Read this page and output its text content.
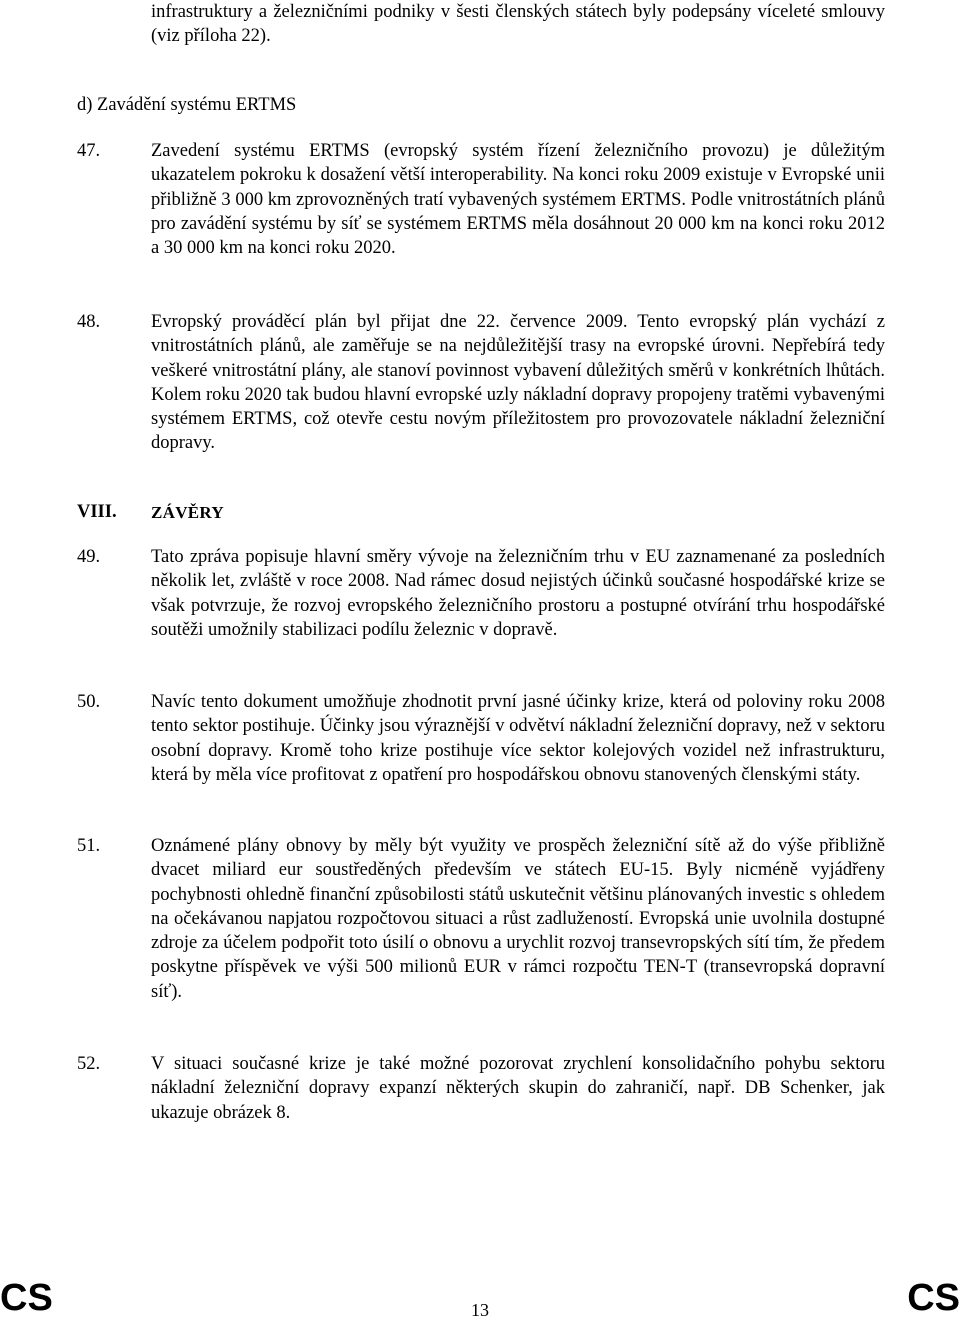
infrastruktury a železničními podniky v šesti členských státech byly podepsány víceleté smlouvy (viz příloha 22).
d) Zavádění systému ERTMS
47.	Zavedení systému ERTMS (evropský systém řízení železničního provozu) je důležitým ukazatelem pokroku k dosažení větší interoperability. Na konci roku 2009 existuje v Evropské unii přibližně 3 000 km zprovozněných tratí vybavených systémem ERTMS. Podle vnitrostátních plánů pro zavádění systému by síť se systémem ERTMS měla dosáhnout 20 000 km na konci roku 2012 a 30 000 km na konci roku 2020.
48.	Evropský prováděcí plán byl přijat dne 22. července 2009. Tento evropský plán vychází z vnitrostátních plánů, ale zaměřuje se na nejdůležitější trasy na evropské úrovni. Nepřebírá tedy veškeré vnitrostátní plány, ale stanoví povinnost vybavení důležitých směrů v konkrétních lhůtách. Kolem roku 2020 tak budou hlavní evropské uzly nákladní dopravy propojeny tratěmi vybavenými systémem ERTMS, což otevře cestu novým příležitostem pro provozovatele nákladní železniční dopravy.
VIII. ZÁVĚRY
49.	Tato zpráva popisuje hlavní směry vývoje na železničním trhu v EU zaznamenané za posledních několik let, zvláště v roce 2008. Nad rámec dosud nejistých účinků současné hospodářské krize se však potvrzuje, že rozvoj evropského železničního prostoru a postupné otvírání trhu hospodářské soutěži umožnily stabilizaci podílu železnic v dopravě.
50.	Navíc tento dokument umožňuje zhodnotit první jasné účinky krize, která od poloviny roku 2008 tento sektor postihuje. Účinky jsou výraznější v odvětví nákladní železniční dopravy, než v sektoru osobní dopravy. Kromě toho krize postihuje více sektor kolejových vozidel než infrastrukturu, která by měla více profitovat z opatření pro hospodářskou obnovu stanovených členskými státy.
51.	Oznámené plány obnovy by měly být využity ve prospěch železniční sítě až do výše přibližně dvacet miliard eur soustředěných především ve státech EU-15. Byly nicméně vyjádřeny pochybnosti ohledně finanční způsobilosti států uskutečnit většinu plánovaných investic s ohledem na očekávanou napjatou rozpočtovou situaci a růst zadlužeností. Evropská unie uvolnila dostupné zdroje za účelem podpořit toto úsilí o obnovu a urychlit rozvoj transevropských sítí tím, že předem poskytne příspěvek ve výši 500 milionů EUR v rámci rozpočtu TEN-T (transevropská dopravní síť).
52.	V situaci současné krize je také možné pozorovat zrychlení konsolidačního pohybu sektoru nákladní železniční dopravy expanzí některých skupin do zahraničí, např. DB Schenker, jak ukazuje obrázek 8.
CS	13	CS
